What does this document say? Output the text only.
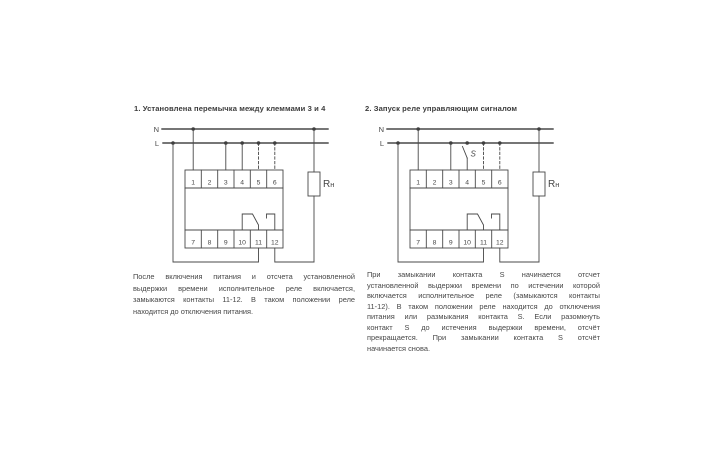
1. Установлена перемычка между клеммами 3 и 4
N
L
1 2 3 4 5 6
7 8 9 10 11 12
Rн
После включения питания и отсчета установленной
выдержки времени исполнительное реле включается,
замыкаются контакты 11-12. В таком положении реле
находится до отключения питания.
2. Запуск реле управляющим сигналом
N
L
S
1 2 3 4 5 6
7 8 9 10 11 12
Rн
При замыкании контакта S начинается отсчет
установленной выдержки времени по истечении которой
включается исполнительное реле (замыкаются контакты
11-12). В таком положении реле находится до отключения
питания или размыкания контакта S. Если разомкнуть
контакт S до истечения выдержки времени, отсчёт
прекращается. При замыкании контакта S отсчёт
начинается снова.
